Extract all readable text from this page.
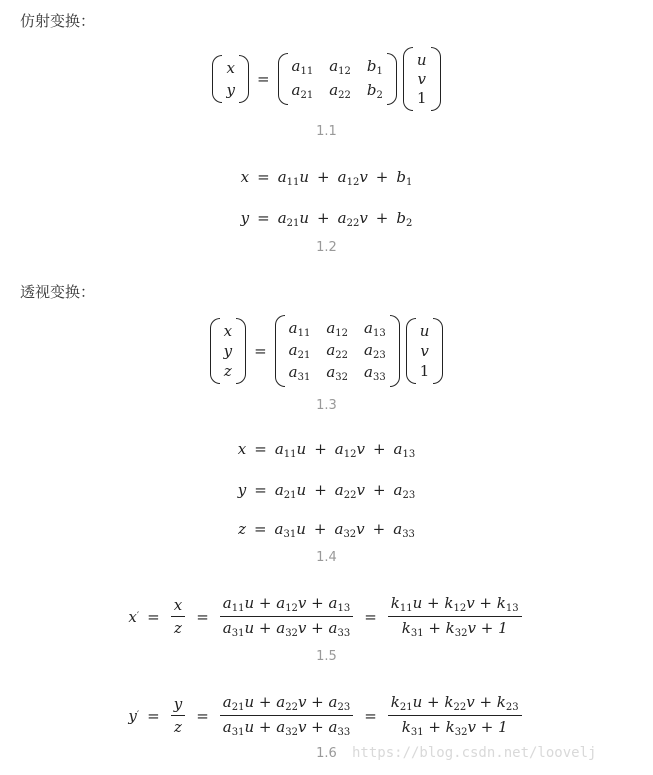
仿射变换：
x
y
=
$a_{11}$ $a_{12}$ $b_1$
$a_{21}$ $a_{22}$ $b_2$
u
v
1
1.1
$x = a_{11}u + a_{12}v + b_1$
$y = a_{21}u + a_{22}v + b_2$
1.2
透视变换：
x
y
z
=
$a_{11}$ $a_{12}$ $a_{13}$
$a_{21}$ $a_{22}$ $a_{23}$
$a_{31}$ $a_{32}$ $a_{33}$
u
v
1
1.3
$x = a_{11}u + a_{12}v + a_{13}$
$y = a_{21}u + a_{22}v + a_{23}$
$z = a_{31}u + a_{32}v + a_{33}$
1.4
x ′ = $\frac{x}{z} = \frac{a_{11}u + a_{12}v + a_{13}}{a_{31}u + a_{32}v + a_{33}} = \frac{k_{11}u + k_{12}v + k_{13}}{k_{31} + k_{32}v + 1}$
1.5
y ′ = $\frac{y}{z} = \frac{a_{21}u + a_{22}v + a_{23}}{a_{31}u + a_{32}v + a_{33}} = \frac{k_{21}u + k_{22}v + k_{23}}{k_{31} + k_{32}v + 1}$
1.6	https://blog.csdn.net/loovelj
